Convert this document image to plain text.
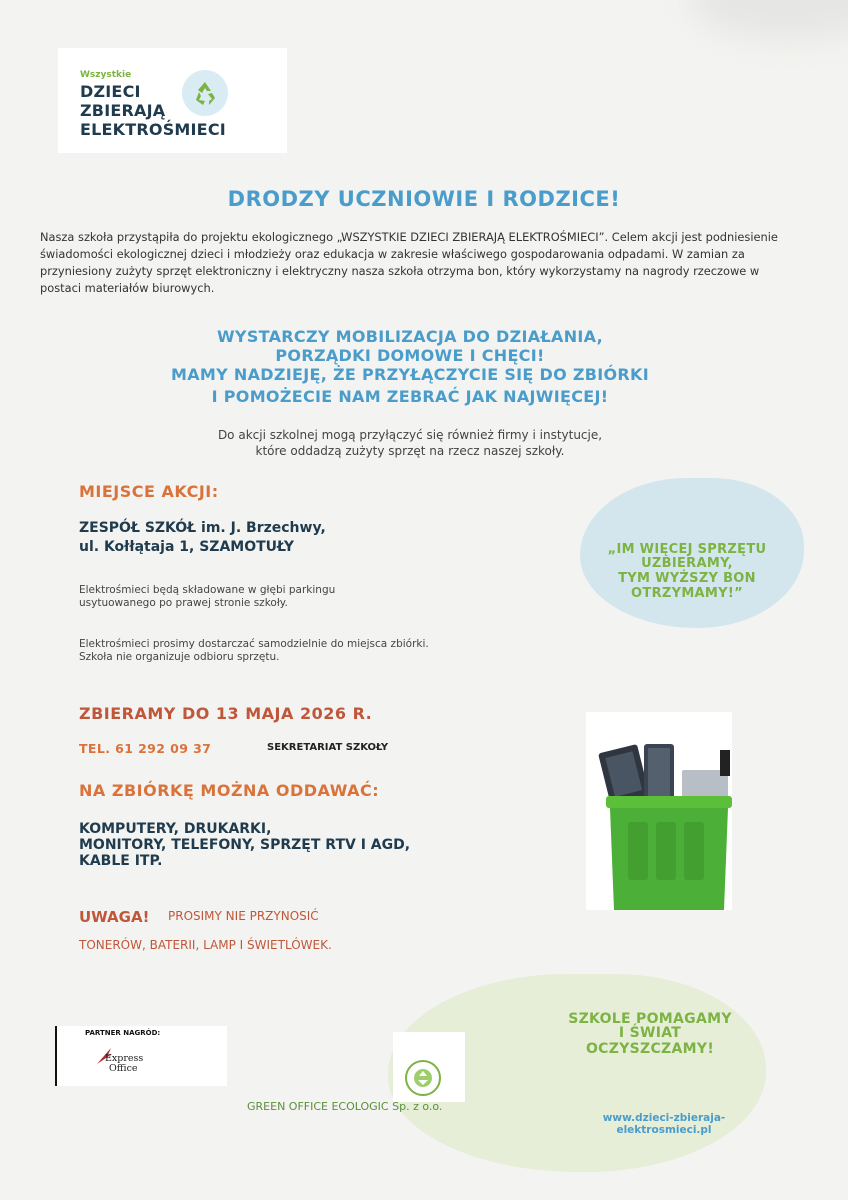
Wszystkie
DZIECI
ZBIERAJĄ
ELEKTROŚMIECI
DRODZY UCZNIOWIE I RODZICE!
Nasza szkoła przystąpiła do projektu ekologicznego „WSZYSTKIE DZIECI ZBIERAJĄ ELEKTROŚMIECI”. Celem akcji jest podniesienie świadomości ekologicznej dzieci i młodzieży oraz edukacja w zakresie właściwego gospodarowania odpadami. W zamian za przyniesiony zużyty sprzęt elektroniczny i elektryczny nasza szkoła otrzyma bon, który wykorzystamy na nagrody rzeczowe w postaci materiałów biurowych.
WYSTARCZY MOBILIZACJA DO DZIAŁANIA,
PORZĄDKI DOMOWE I CHĘCI!
MAMY NADZIEJĘ, ŻE PRZYŁĄCZYCIE SIĘ DO ZBIÓRKI
I POMOŻECIE NAM ZEBRAĆ JAK NAJWIĘCEJ!
Do akcji szkolnej mogą przyłączyć się również firmy i instytucje,
które oddadzą zużyty sprzęt na rzecz naszej szkoły.
MIEJSCE AKCJI:
ZESPÓŁ SZKÓŁ im. J. Brzechwy,
ul. Kołłątaja 1, SZAMOTUŁY
Elektrośmieci będą składowane w głębi parkingu
usytuowanego po prawej stronie szkoły.
Elektrośmieci prosimy dostarczać samodzielnie do miejsca zbiórki.
Szkoła nie organizuje odbioru sprzętu.
„IM WIĘCEJ SPRZĘTU
UZBIERAMY,
TYM WYŻSZY BON
OTRZYMAMY!”
ZBIERAMY DO 13 MAJA 2026 R.
TEL. 61 292 09 37	SEKRETARIAT SZKOŁY
NA ZBIÓRKĘ MOŻNA ODDAWAĆ:
KOMPUTERY, DRUKARKI,
MONITORY, TELEFONY, SPRZĘT RTV I AGD,
KABLE ITP.
UWAGA! PROSIMY NIE PRZYNOSIĆ
TONERÓW, BATERII, LAMP I ŚWIETLÓWEK.
PARTNER NAGRÓD:
Express
Office
GREEN OFFICE ECOLOGIC Sp. z o.o.
SZKOLE POMAGAMY
I ŚWIAT
OCZYSZCZAMY!
www.dzieci-zbieraja-
elektrosmieci.pl
